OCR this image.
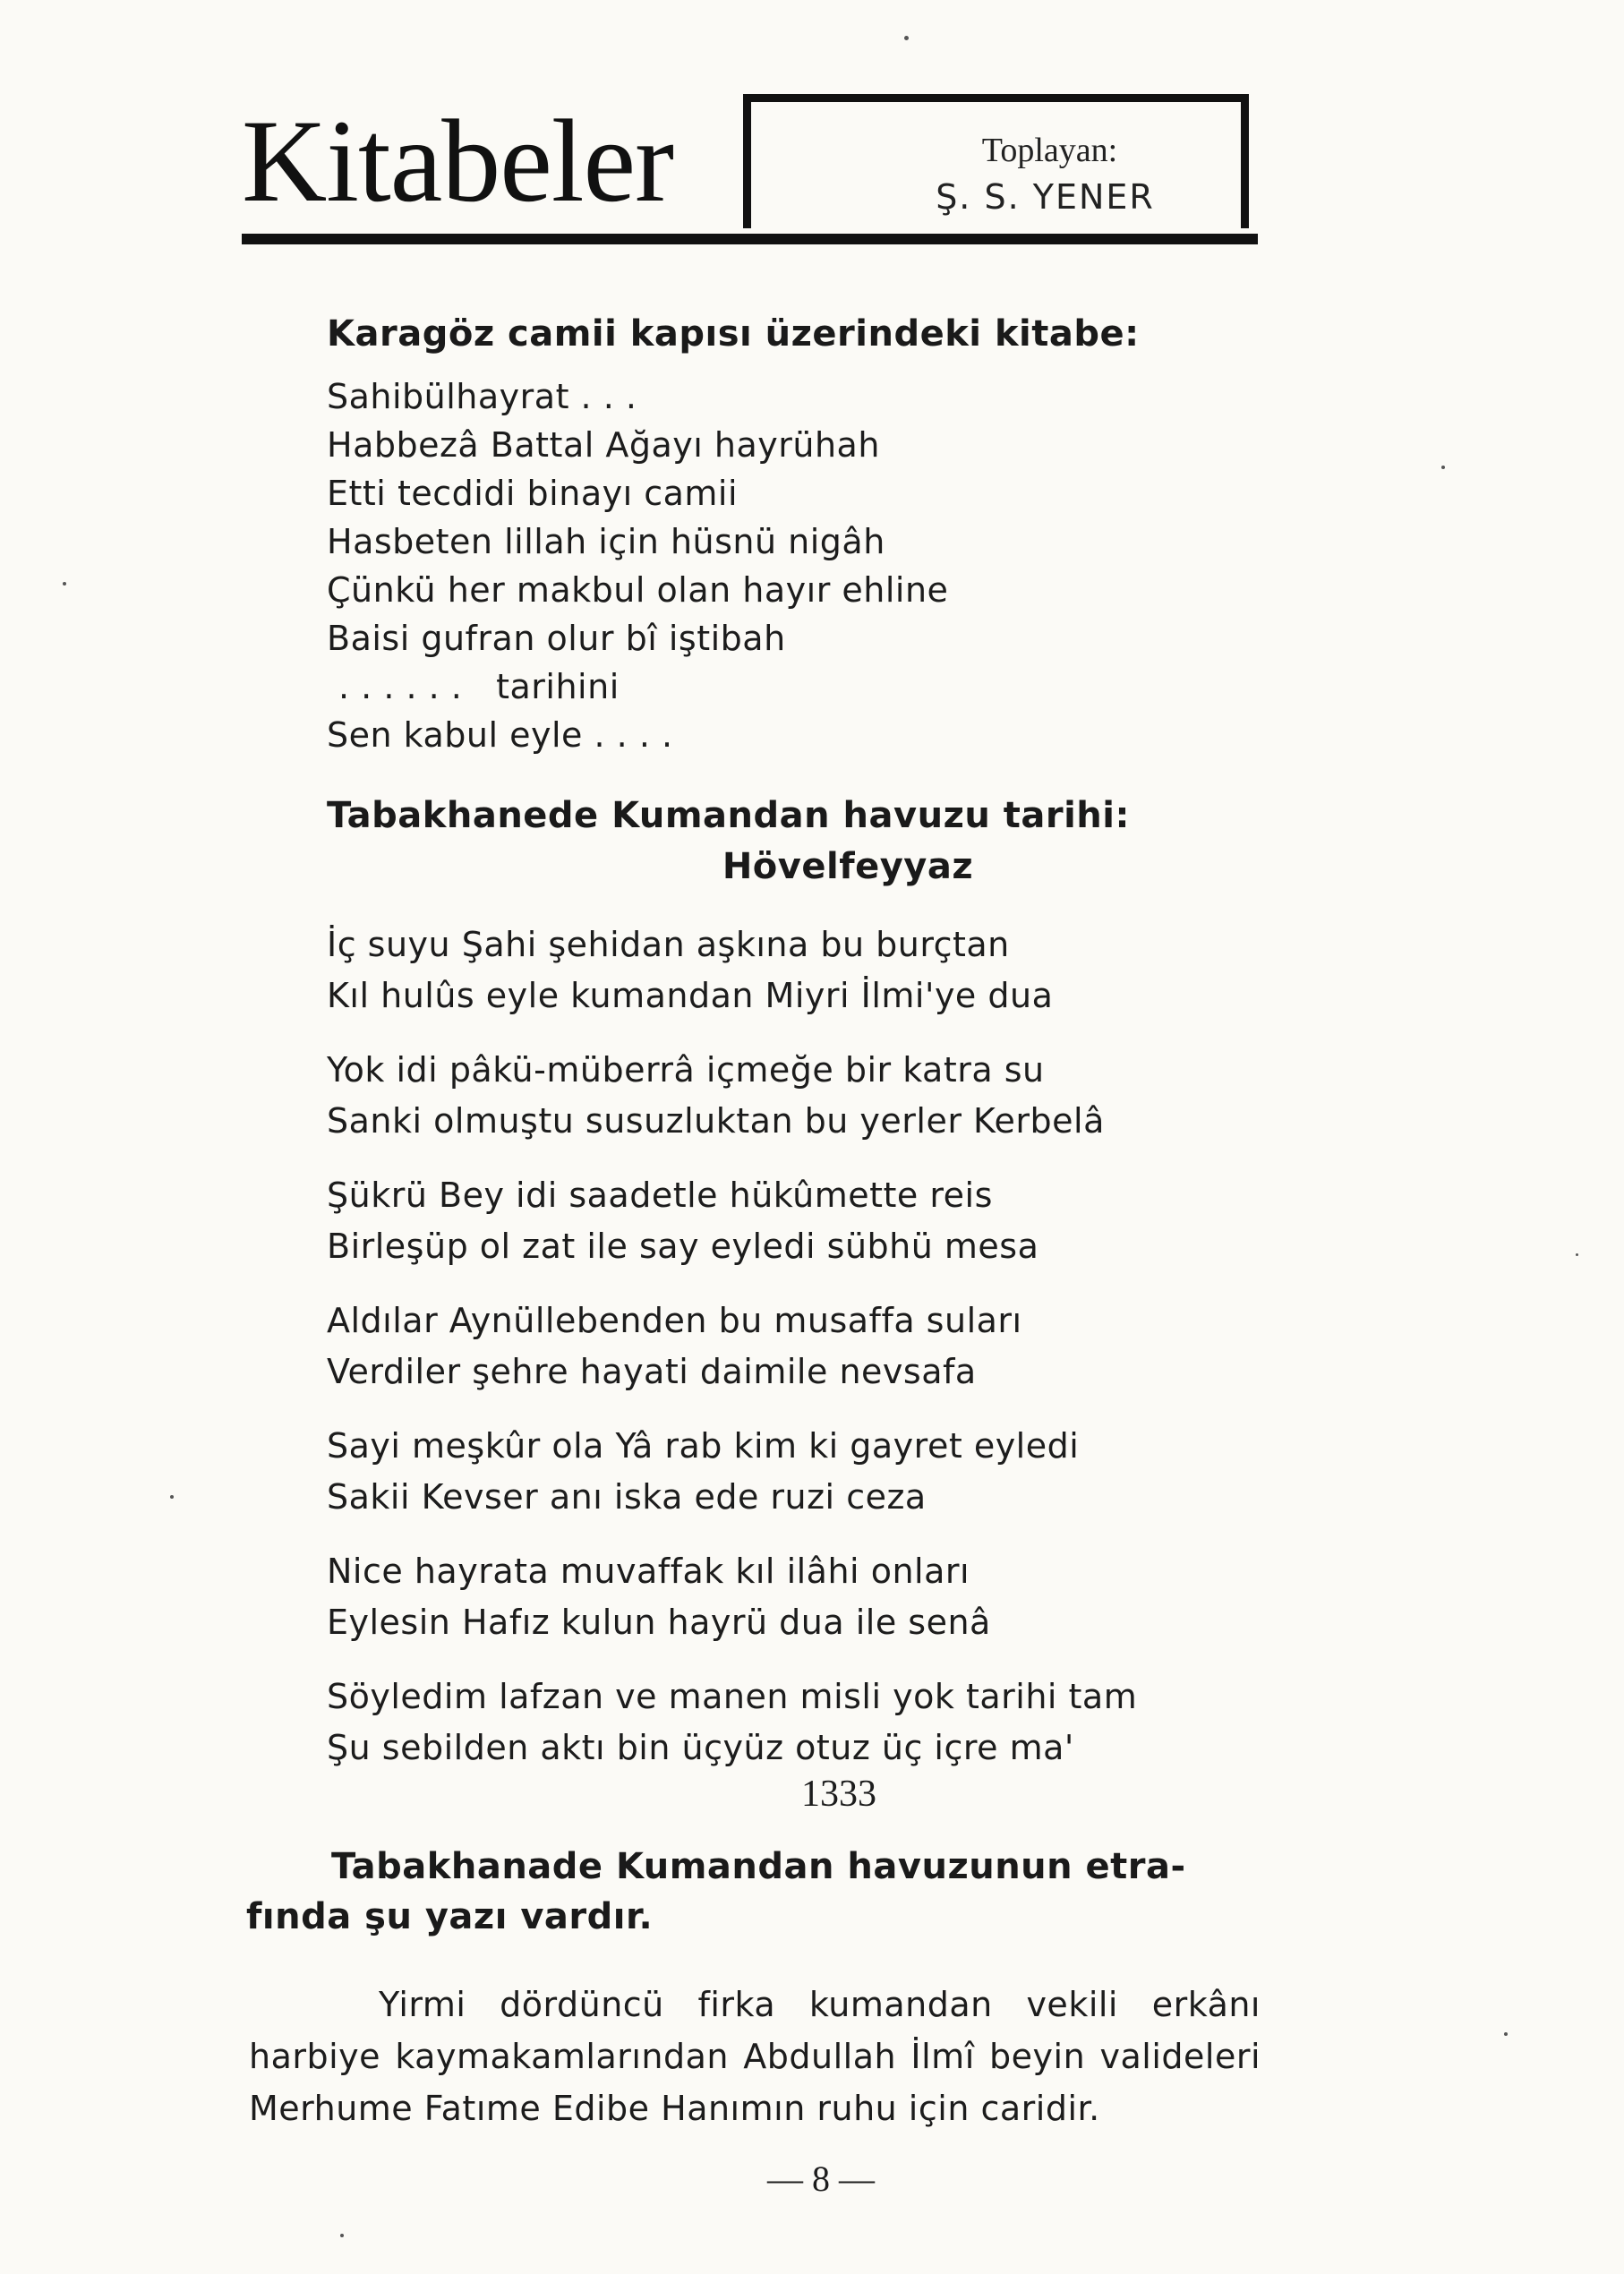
Kitabeler	Toplayan:
Ş. S. YENER
Karagöz camii kapısı üzerindeki kitabe:
Sahibülhayrat . . .
Habbezâ Battal Ağayı hayrühah
Etti tecdidi binayı camii
Hasbeten lillah için hüsnü nigâh
Çünkü her makbul olan hayır ehline
Baisi gufran olur bî iştibah
. . . . . .   tarihini
Sen kabul eyle . . . .
Tabakhanede Kumandan havuzu tarihi:
Hövelfeyyaz
İç suyu Şahi şehidan aşkına bu burçtan
Kıl hulûs eyle kumandan Miyri İlmi'ye dua
Yok idi pâkü-müberrâ içmeğe bir katra su
Sanki olmuştu susuzluktan bu yerler Kerbelâ
Şükrü Bey idi saadetle hükûmette reis
Birleşüp ol zat ile say eyledi sübhü mesa
Aldılar Aynüllebenden bu musaffa suları
Verdiler şehre hayati daimile nevsafa
Sayi meşkûr ola Yâ rab kim ki gayret eyledi
Sakii Kevser anı iska ede ruzi ceza
Nice hayrata muvaffak kıl ilâhi onları
Eylesin Hafız kulun hayrü dua ile senâ
Söyledim lafzan ve manen misli yok tarihi tam
Şu sebilden aktı bin üçyüz otuz üç içre ma'
1333
Tabakhanade Kumandan havuzunun etra-
fında şu yazı vardır.
Yirmi dördüncü firka kumandan vekili erkânı harbiye kaymakamlarından Abdullah İlmî beyin valideleri Merhume Fatıme Edibe Hanımın ruhu için caridir.
— 8 —
